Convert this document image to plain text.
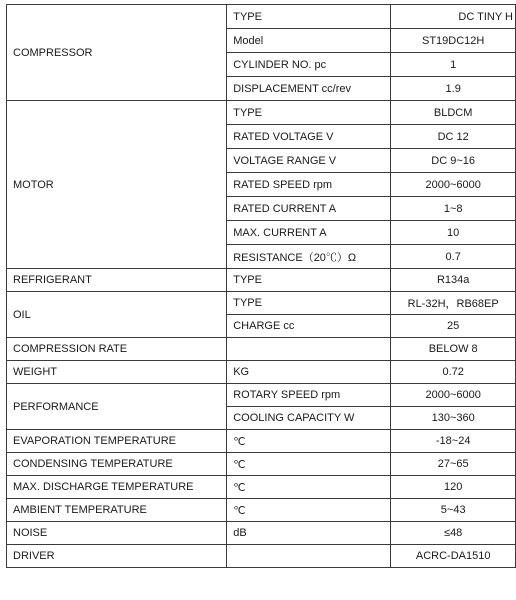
COMPRESSOR	TYPE	DC TINY H
	Model	ST19DC12H
	CYLINDER NO. pc	1
	DISPLACEMENT cc/rev	1.9
MOTOR	TYPE	BLDCM
	RATED VOLTAGE V	DC 12
	VOLTAGE RANGE V	DC 9~16
	RATED SPEED rpm	2000~6000
	RATED CURRENT A	1~8
	MAX. CURRENT A	10
	RESISTANCE（20℃）Ω	0.7
REFRIGERANT	TYPE	R134a
OIL	TYPE	RL-32H，RB68EP
	CHARGE cc	25
COMPRESSION RATE		BELOW 8
WEIGHT	KG	0.72
PERFORMANCE	ROTARY SPEED rpm	2000~6000
	COOLING CAPACITY W	130~360
EVAPORATION TEMPERATURE	℃	-18~24
CONDENSING TEMPERATURE	℃	27~65
MAX. DISCHARGE TEMPERATURE	℃	120
AMBIENT TEMPERATURE	℃	5~43
NOISE	dB	≤48
DRIVER		ACRC-DA1510
